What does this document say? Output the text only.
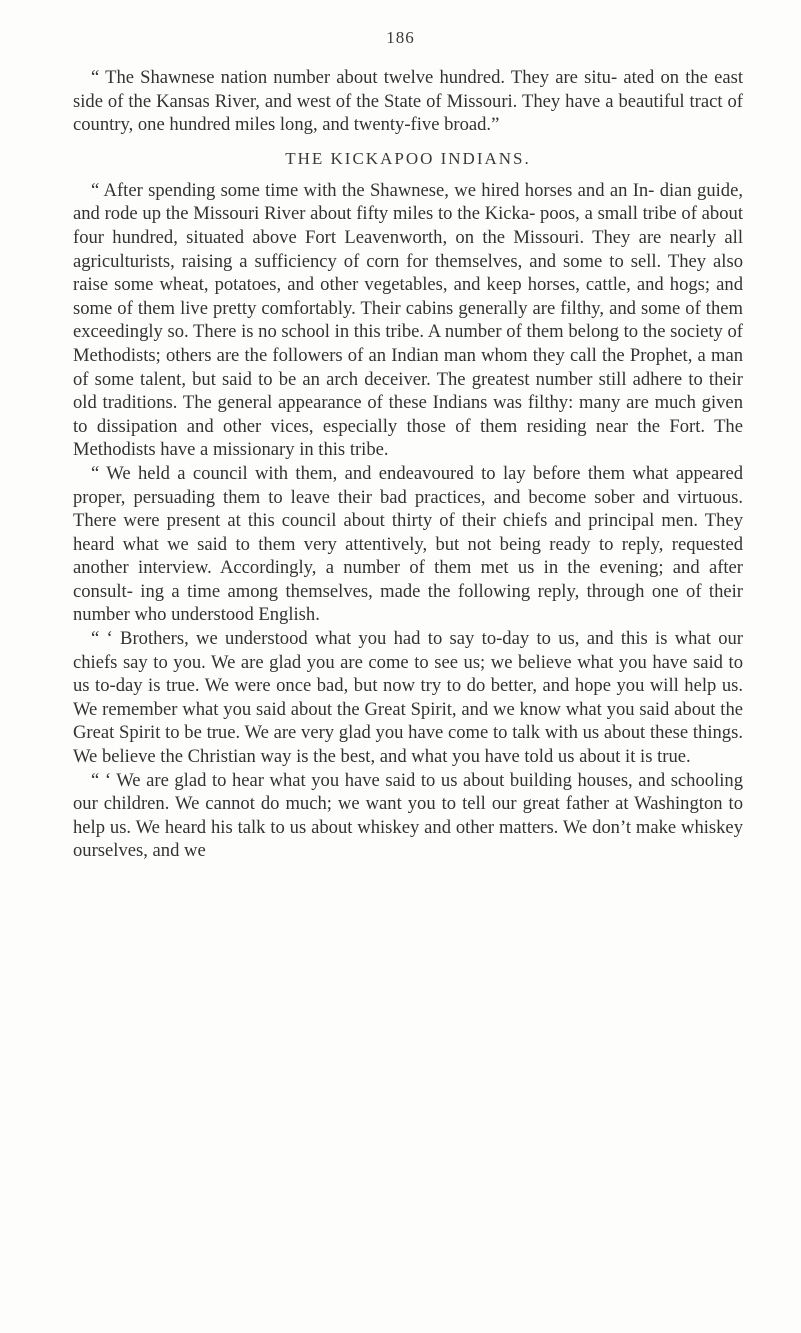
186

“ The Shawnese nation number about twelve hundred. They are situ- ated on the east side of the Kansas River, and west of the State of Missouri. They have a beautiful tract of country, one hundred miles long, and twenty-five broad.”

THE KICKAPOO INDIANS.

“ After spending some time with the Shawnese, we hired horses and an In- dian guide, and rode up the Missouri River about fifty miles to the Kicka- poos, a small tribe of about four hundred, situated above Fort Leavenworth, on the Missouri. They are nearly all agriculturists, raising a sufficiency of corn for themselves, and some to sell. They also raise some wheat, potatoes, and other vegetables, and keep horses, cattle, and hogs; and some of them live pretty comfortably. Their cabins generally are filthy, and some of them exceedingly so. There is no school in this tribe. A number of them belong to the society of Methodists; others are the followers of an Indian man whom they call the Prophet, a man of some talent, but said to be an arch deceiver. The greatest number still adhere to their old traditions. The general appearance of these Indians was filthy: many are much given to dissipation and other vices, especially those of them residing near the Fort. The Methodists have a missionary in this tribe.

“ We held a council with them, and endeavoured to lay before them what appeared proper, persuading them to leave their bad practices, and become sober and virtuous. There were present at this council about thirty of their chiefs and principal men. They heard what we said to them very attentively, but not being ready to reply, requested another interview. Accordingly, a number of them met us in the evening; and after consult- ing a time among themselves, made the following reply, through one of their number who understood English.

“ ‘ Brothers, we understood what you had to say to-day to us, and this is what our chiefs say to you. We are glad you are come to see us; we believe what you have said to us to-day is true. We were once bad, but now try to do better, and hope you will help us. We remember what you said about the Great Spirit, and we know what you said about the Great Spirit to be true. We are very glad you have come to talk with us about these things. We believe the Christian way is the best, and what you have told us about it is true.

“ ‘ We are glad to hear what you have said to us about building houses, and schooling our children. We cannot do much; we want you to tell our great father at Washington to help us. We heard his talk to us about whiskey and other matters. We don’t make whiskey ourselves, and we
